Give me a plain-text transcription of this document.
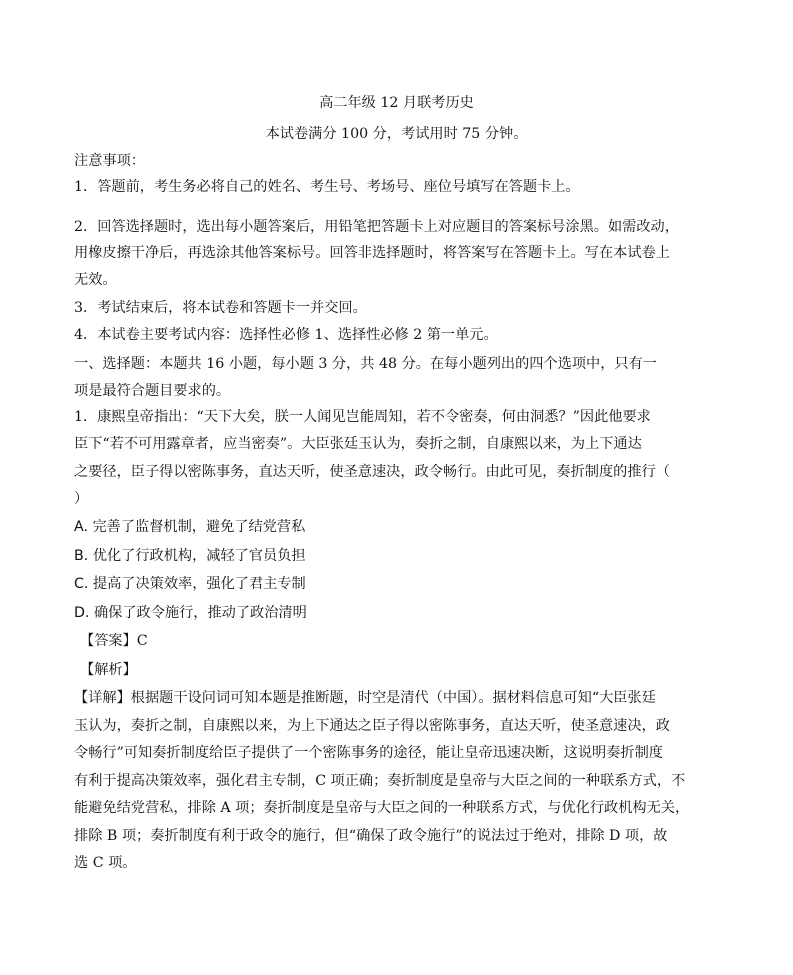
高二年级 12 月联考历史
本试卷满分 100 分，考试用时 75 分钟。
注意事项：
1．答题前，考生务必将自己的姓名、考生号、考场号、座位号填写在答题卡上。
2．回答选择题时，选出每小题答案后，用铅笔把答题卡上对应题目的答案标号涂黑。如需改动，
用橡皮擦干净后，再选涂其他答案标号。回答非选择题时，将答案写在答题卡上。写在本试卷上
无效。
3．考试结束后，将本试卷和答题卡一并交回。
4．本试卷主要考试内容：选择性必修 1、选择性必修 2 第一单元。
一、选择题：本题共 16 小题，每小题 3 分，共 48 分。在每小题列出的四个选项中，只有一
项是最符合题目要求的。
1．康熙皇帝指出：“天下大矣，朕一人闻见岂能周知，若不令密奏，何由洞悉？”因此他要求
臣下“若不可用露章者，应当密奏”。大臣张廷玉认为，奏折之制，自康熙以来，为上下通达
之要径，臣子得以密陈事务，直达天听，使圣意速决，政令畅行。由此可见，奏折制度的推行（
）
A. 完善了监督机制，避免了结党营私
B. 优化了行政机构，减轻了官员负担
C. 提高了决策效率，强化了君主专制
D. 确保了政令施行，推动了政治清明
【答案】C
【解析】
【详解】根据题干设问词可知本题是推断题，时空是清代（中国）。据材料信息可知“大臣张廷
玉认为，奏折之制，自康熙以来，为上下通达之臣子得以密陈事务，直达天听，使圣意速决，政
令畅行”可知奏折制度给臣子提供了一个密陈事务的途径，能让皇帝迅速决断，这说明奏折制度
有利于提高决策效率，强化君主专制，C 项正确；奏折制度是皇帝与大臣之间的一种联系方式，不
能避免结党营私，排除 A 项；奏折制度是皇帝与大臣之间的一种联系方式，与优化行政机构无关，
排除 B 项；奏折制度有利于政令的施行，但“确保了政令施行”的说法过于绝对，排除 D 项，故
选 C 项。
